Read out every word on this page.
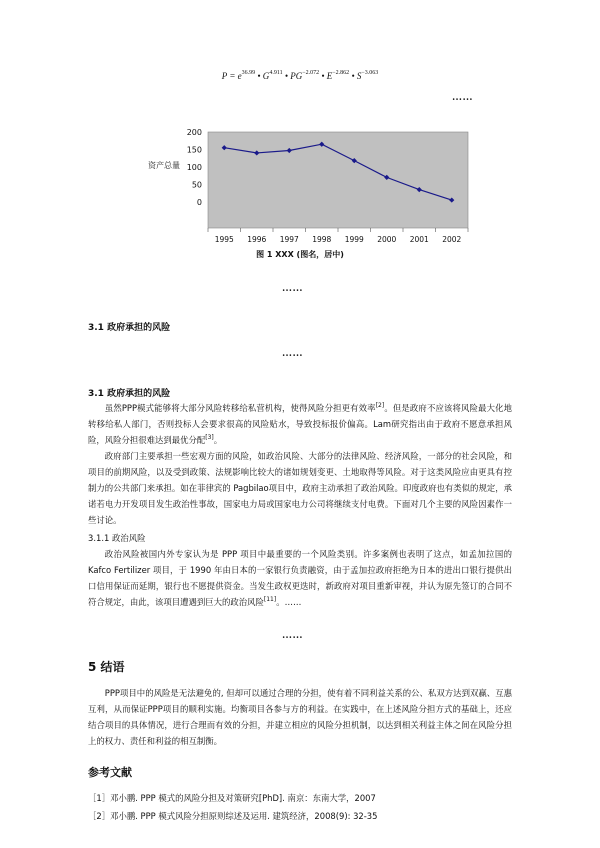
$P = e^{36.99}$ • $G^{4.911}$ • $PG^{-2.072}$ • $E^{-2.862}$ • $S^{-3.063}$
……
资产总量
200
150
100
50
0
1995 1996 1997 1998 1999 2000 2001 2002
图 1 XXX (图名，居中)
……
3.1 政府承担的风险
……
3.1 政府承担的风险

虽然PPP模式能够将大部分风险转移给私营机构，使得风险分担更有效率[2]。但是政府不应该将风险最大化地转移给私人部门，否则投标人会要求很高的风险贴水，导致投标报价偏高。Lam研究指出由于政府不愿意承担风险，风险分担很难达到最优分配[3]。

政府部门主要承担一些宏观方面的风险，如政治风险、大部分的法律风险、经济风险，一部分的社会风险，和项目的前期风险，以及受到政策、法规影响比较大的诸如规划变更、土地取得等风险。对于这类风险应由更具有控制力的公共部门来承担。如在菲律宾的 Pagbilao项目中，政府主动承担了政治风险。印度政府也有类似的规定，承诺若电力开发项目发生政治性事故，国家电力局或国家电力公司将继续支付电费。下面对几个主要的风险因素作一些讨论。

3.1.1 政治风险

政治风险被国内外专家认为是 PPP 项目中最重要的一个风险类别。许多案例也表明了这点，如孟加拉国的 Kafco Fertilizer 项目，于 1990 年由日本的一家银行负责融资，由于孟加拉政府拒绝为日本的进出口银行提供出口信用保证而延期，银行也不愿提供资金。当发生政权更迭时，新政府对项目重新审视，并认为原先签订的合同不符合规定，由此，该项目遭遇到巨大的政治风险[11]。……

……
5 结语

PPP项目中的风险是无法避免的, 但却可以通过合理的分担，使有着不同利益关系的公、私双方达到双赢、互惠互利，从而保证PPP项目的顺利实施。均衡项目各参与方的利益。在实践中，在上述风险分担方式的基础上，还应结合项目的具体情况，进行合理而有效的分担，并建立相应的风险分担机制，以达到相关利益主体之间在风险分担上的权力、责任和利益的相互制衡。

参考文献
［1］邓小鹏. PPP 模式的风险分担及对策研究[PhD]. 南京：东南大学，2007
［2］邓小鹏. PPP 模式风险分担原则综述及运用. 建筑经济，2008(9): 32-35
